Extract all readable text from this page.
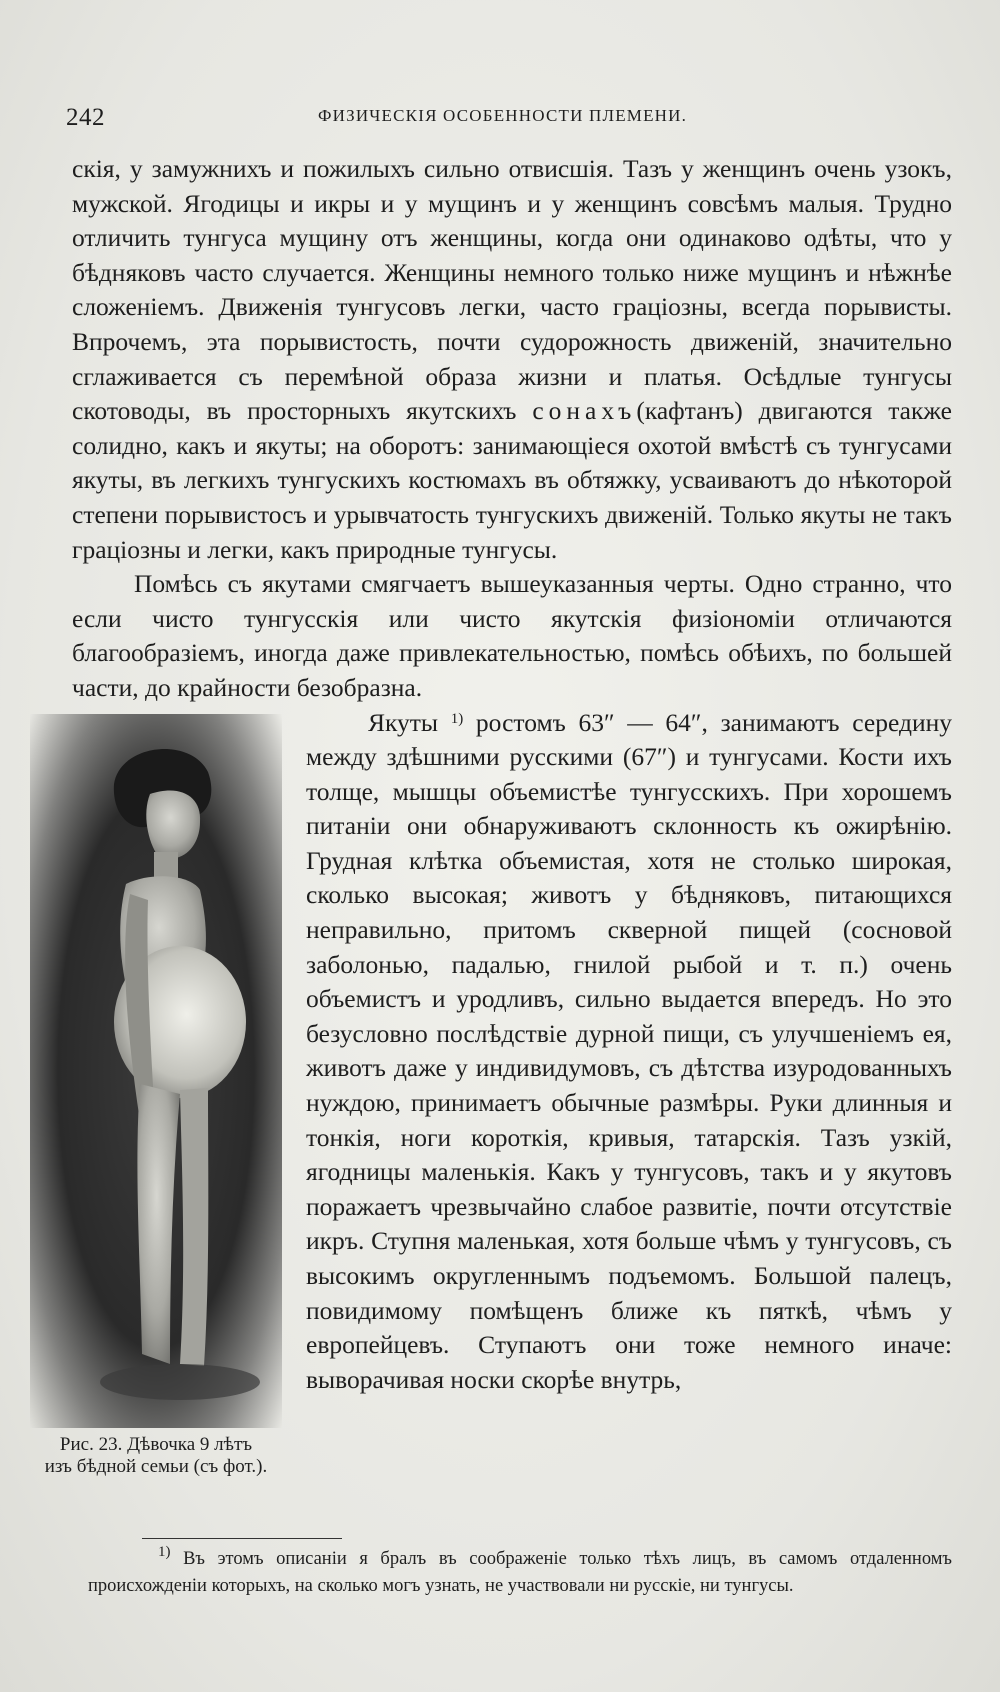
242	ФИЗИЧЕСКІЯ ОСОБЕННОСТИ ПЛЕМЕНИ.

скія, у замужнихъ и пожилыхъ сильно отвисшія. Тазъ у женщинъ очень узокъ, мужской. Ягодицы и икры и у мущинъ и у женщинъ совсѣмъ малыя. Трудно отличить тунгуса мущину отъ женщины, когда они одинаково одѣты, что у бѣдняковъ часто случается. Женщины немного только ниже мущинъ и нѣжнѣе сложеніемъ. Движенія тунгусовъ легки, часто граціозны, всегда порывисты. Впрочемъ, эта порывистость, почти судорожность движеній, значительно сглаживается съ перемѣной образа жизни и платья. Осѣдлые тунгусы скотоводы, въ просторныхъ якутскихъ сонахъ(кафтанъ) двигаются также солидно, какъ и якуты; на оборотъ: занимающіеся охотой вмѣстѣ съ тунгусами якуты, въ легкихъ тунгускихъ костюмахъ въ обтяжку, усваиваютъ до нѣкоторой степени порывистосъ и урывчатость тунгускихъ движеній. Только якуты не такъ граціозны и легки, какъ природные тунгусы.

Помѣсь съ якутами смягчаетъ вышеуказанныя черты. Одно странно, что если чисто тунгусскія или чисто якутскія физіономіи отличаются благообразіемъ, иногда даже привлекательностью, помѣсь обѣихъ, по большей части, до крайности безобразна.

Рис. 23. Дѣвочка 9 лѣтъ
изъ бѣдной семьи (съ фот.).

Якуты $^{1)}$ ростомъ 63″ — 64″, занимаютъ середину между здѣшними русскими (67″) и тунгусами. Кости ихъ толще, мышцы объемистѣе тунгусскихъ. При хорошемъ питаніи они обнаруживаютъ склонность къ ожирѣнію. Грудная клѣтка объемистая, хотя не столько широкая, сколько высокая; животъ у бѣдняковъ, питающихся неправильно, притомъ скверной пищей (сосновой заболонью, падалью, гнилой рыбой и т. п.) очень объемистъ и уродливъ, сильно выдается впередъ. Но это безусловно послѣдствіе дурной пищи, съ улучшеніемъ ея, животъ даже у индивидумовъ, съ дѣтства изуродованныхъ нуждою, принимаетъ обычные размѣры. Руки длинныя и тонкія, ноги короткія, кривыя, татарскія. Тазъ узкій, ягодницы маленькія. Какъ у тунгусовъ, такъ и у якутовъ поражаетъ чрезвычайно слабое развитіе, почти отсутствіе икръ. Ступня маленькая, хотя больше чѣмъ у тунгусовъ, съ высокимъ округленнымъ подъемомъ. Большой палецъ, повидимому помѣщенъ ближе къ пяткѣ, чѣмъ у европейцевъ. Ступаютъ они тоже немного иначе: выворачивая носки скорѣе внутрь,

$^{1)}$ Въ этомъ описаніи я бралъ въ соображеніе только тѣхъ лицъ, въ самомъ отдаленномъ происхожденіи которыхъ, на сколько могъ узнать, не участвовали ни русскіе, ни тунгусы.
